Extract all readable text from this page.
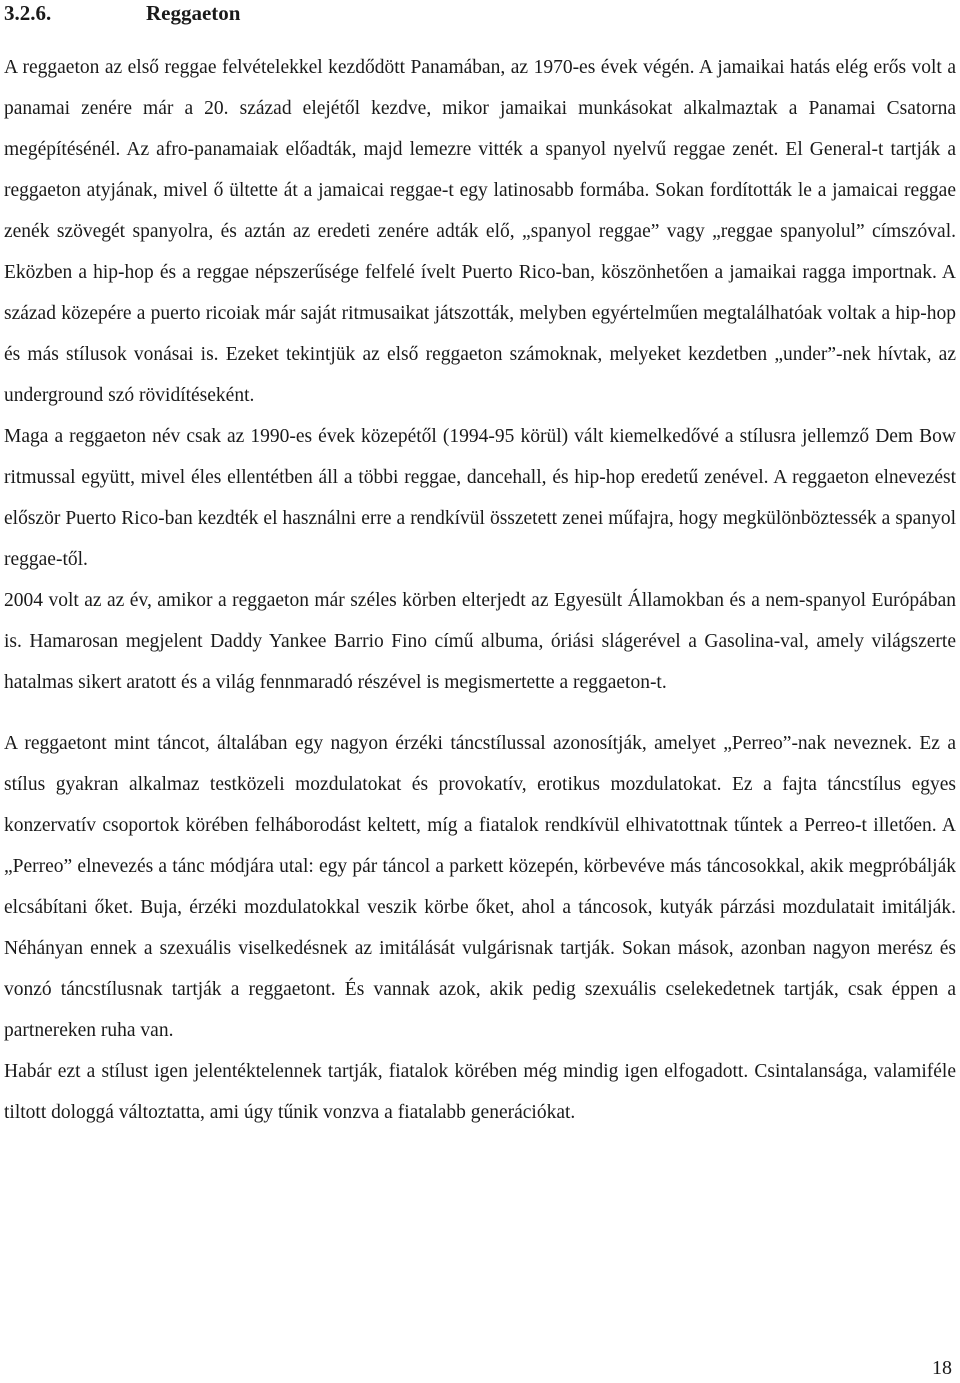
3.2.6.	Reggaeton

A reggaeton az első reggae felvételekkel kezdődött Panamában, az 1970-es évek végén. A jamaikai hatás elég erős volt a panamai zenére már a 20. század elejétől kezdve, mikor jamaikai munkásokat alkalmaztak a Panamai Csatorna megépítésénél. Az afro-panamaiak előadták, majd lemezre vitték a spanyol nyelvű reggae zenét. El General-t tartják a reggaeton atyjának, mivel ő ültette át a jamaicai reggae-t egy latinosabb formába. Sokan fordították le a jamaicai reggae zenék szövegét spanyolra, és aztán az eredeti zenére adták elő, „spanyol reggae” vagy „reggae spanyolul” címszóval. Eközben a hip-hop és a reggae népszerűsége felfelé ívelt Puerto Rico-ban, köszönhetően a jamaikai ragga importnak. A század közepére a puerto ricoiak már saját ritmusaikat játszották, melyben egyértelműen megtalálhatóak voltak a hip-hop és más stílusok vonásai is. Ezeket tekintjük az első reggaeton számoknak, melyeket kezdetben „under”-nek hívtak, az underground szó rövidítéseként.

Maga a reggaeton név csak az 1990-es évek közepétől (1994-95 körül) vált kiemelkedővé a stílusra jellemző Dem Bow ritmussal együtt, mivel éles ellentétben áll a többi reggae, dancehall, és hip-hop eredetű zenével. A reggaeton elnevezést először Puerto Rico-ban kezdték el használni erre a rendkívül összetett zenei műfajra, hogy megkülönböztessék a spanyol reggae-től.

2004 volt az az év, amikor a reggaeton már széles körben elterjedt az Egyesült Államokban és a nem-spanyol Európában is. Hamarosan megjelent Daddy Yankee Barrio Fino című albuma, óriási slágerével a Gasolina-val, amely világszerte hatalmas sikert aratott és a világ fennmaradó részével is megismertette a reggaeton-t.

A reggaetont mint táncot, általában egy nagyon érzéki táncstílussal azonosítják, amelyet „Perreo”-nak neveznek. Ez a stílus gyakran alkalmaz testközeli mozdulatokat és provokatív, erotikus mozdulatokat. Ez a fajta táncstílus egyes konzervatív csoportok körében felháborodást keltett, míg a fiatalok rendkívül elhivatottnak tűntek a Perreo-t illetően. A „Perreo” elnevezés a tánc módjára utal: egy pár táncol a parkett közepén, körbevéve más táncosokkal, akik megpróbálják elcsábítani őket. Buja, érzéki mozdulatokkal veszik körbe őket, ahol a táncosok, kutyák párzási mozdulatait imitálják. Néhányan ennek a szexuális viselkedésnek az imitálását vulgárisnak tartják. Sokan mások, azonban nagyon merész és vonzó táncstílusnak tartják a reggaetont. És vannak azok, akik pedig szexuális cselekedetnek tartják, csak éppen a partnereken ruha van.

Habár ezt a stílust igen jelentéktelennek tartják, fiatalok körében még mindig igen elfogadott. Csintalansága, valamiféle tiltott dologgá változtatta, ami úgy tűnik vonzva a fiatalabb generációkat.

18
